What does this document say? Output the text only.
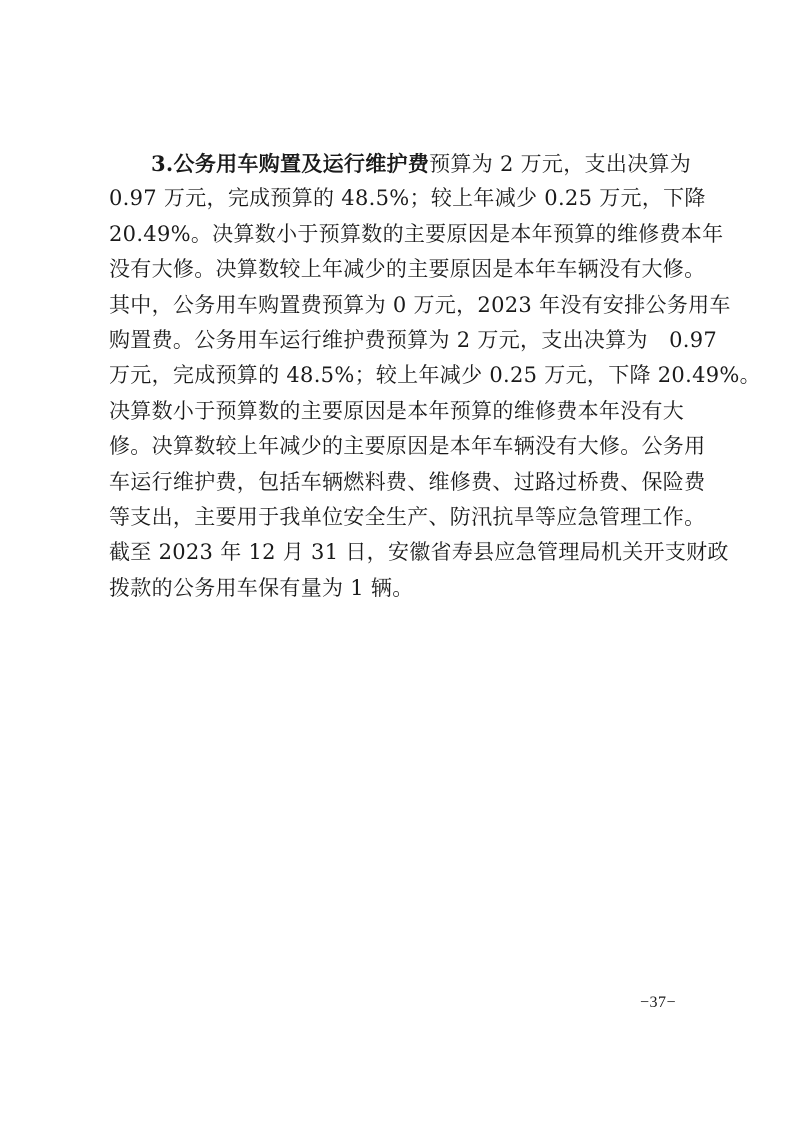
3.公务用车购置及运行维护费预算为 2 万元，支出决算为
0.97 万元，完成预算的 48.5%；较上年减少 0.25 万元，下降
20.49%。决算数小于预算数的主要原因是本年预算的维修费本年
没有大修。决算数较上年减少的主要原因是本年车辆没有大修。
其中，公务用车购置费预算为 0 万元，2023 年没有安排公务用车
购置费。公务用车运行维护费预算为 2 万元，支出决算为　0.97
万元，完成预算的 48.5%；较上年减少 0.25 万元，下降 20.49%。
决算数小于预算数的主要原因是本年预算的维修费本年没有大
修。决算数较上年减少的主要原因是本年车辆没有大修。公务用
车运行维护费，包括车辆燃料费、维修费、过路过桥费、保险费
等支出，主要用于我单位安全生产、防汛抗旱等应急管理工作。
截至 2023 年 12 月 31 日，安徽省寿县应急管理局机关开支财政
拨款的公务用车保有量为 1 辆。
−37−
